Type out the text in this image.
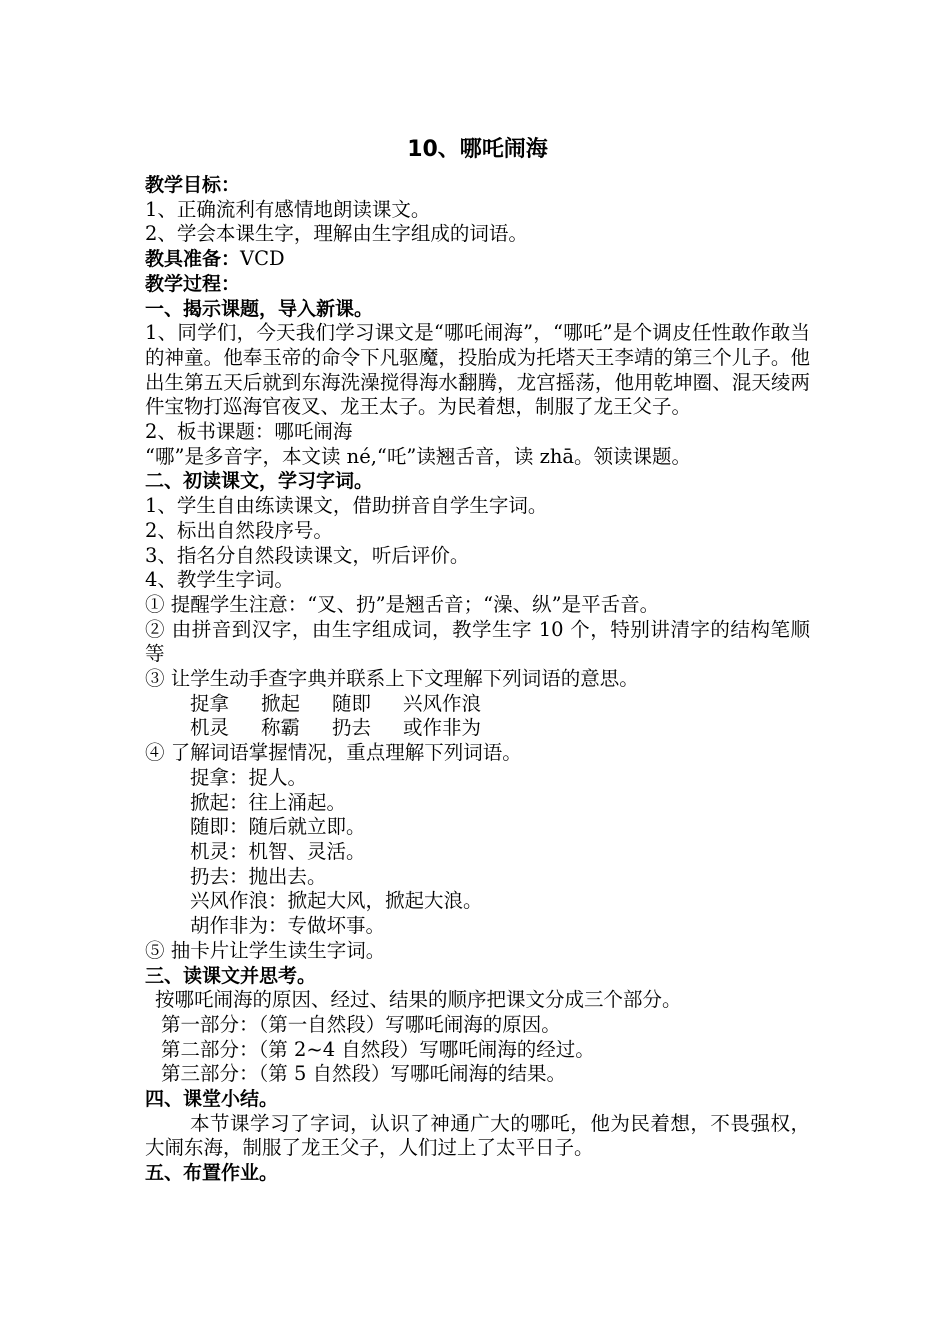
10、哪吒闹海
教学目标：
1、正确流利有感情地朗读课文。
2、学会本课生字，理解由生字组成的词语。
教具准备：VCD
教学过程：
一、揭示课题，导入新课。
1、同学们，今天我们学习课文是“哪吒闹海”，“哪吒”是个调皮任性敢作敢当的神童。他奉玉帝的命令下凡驱魔，投胎成为托塔天王李靖的第三个儿子。他出生第五天后就到东海洗澡搅得海水翻腾，龙宫摇荡，他用乾坤圈、混天绫两件宝物打巡海官夜叉、龙王太子。为民着想，制服了龙王父子。
2、板书课题：哪吒闹海
“哪”是多音字，本文读 né,“吒”读翘舌音，读 zhā。领读课题。
二、初读课文，学习字词。
1、学生自由练读课文，借助拼音自学生字词。
2、标出自然段序号。
3、指名分自然段读课文，听后评价。
4、教学生字词。
① 提醒学生注意：“叉、扔”是翘舌音；“澡、纵”是平舌音。
② 由拼音到汉字，由生字组成词，教学生字 10 个，特别讲清字的结构笔顺等
③ 让学生动手查字典并联系上下文理解下列词语的意思。
捉拿 掀起 随即 兴风作浪
机灵 称霸 扔去 或作非为
④ 了解词语掌握情况，重点理解下列词语。
捉拿：捉人。
掀起：往上涌起。
随即：随后就立即。
机灵：机智、灵活。
扔去：抛出去。
兴风作浪：掀起大风，掀起大浪。
胡作非为：专做坏事。
⑤ 抽卡片让学生读生字词。
三、读课文并思考。
按哪吒闹海的原因、经过、结果的顺序把课文分成三个部分。
第一部分：（第一自然段）写哪吒闹海的原因。
第二部分：（第 2~4 自然段）写哪吒闹海的经过。
第三部分：（第 5 自然段）写哪吒闹海的结果。
四、课堂小结。
本节课学习了字词，认识了神通广大的哪吒，他为民着想，不畏强权，大闹东海，制服了龙王父子，人们过上了太平日子。
五、布置作业。
